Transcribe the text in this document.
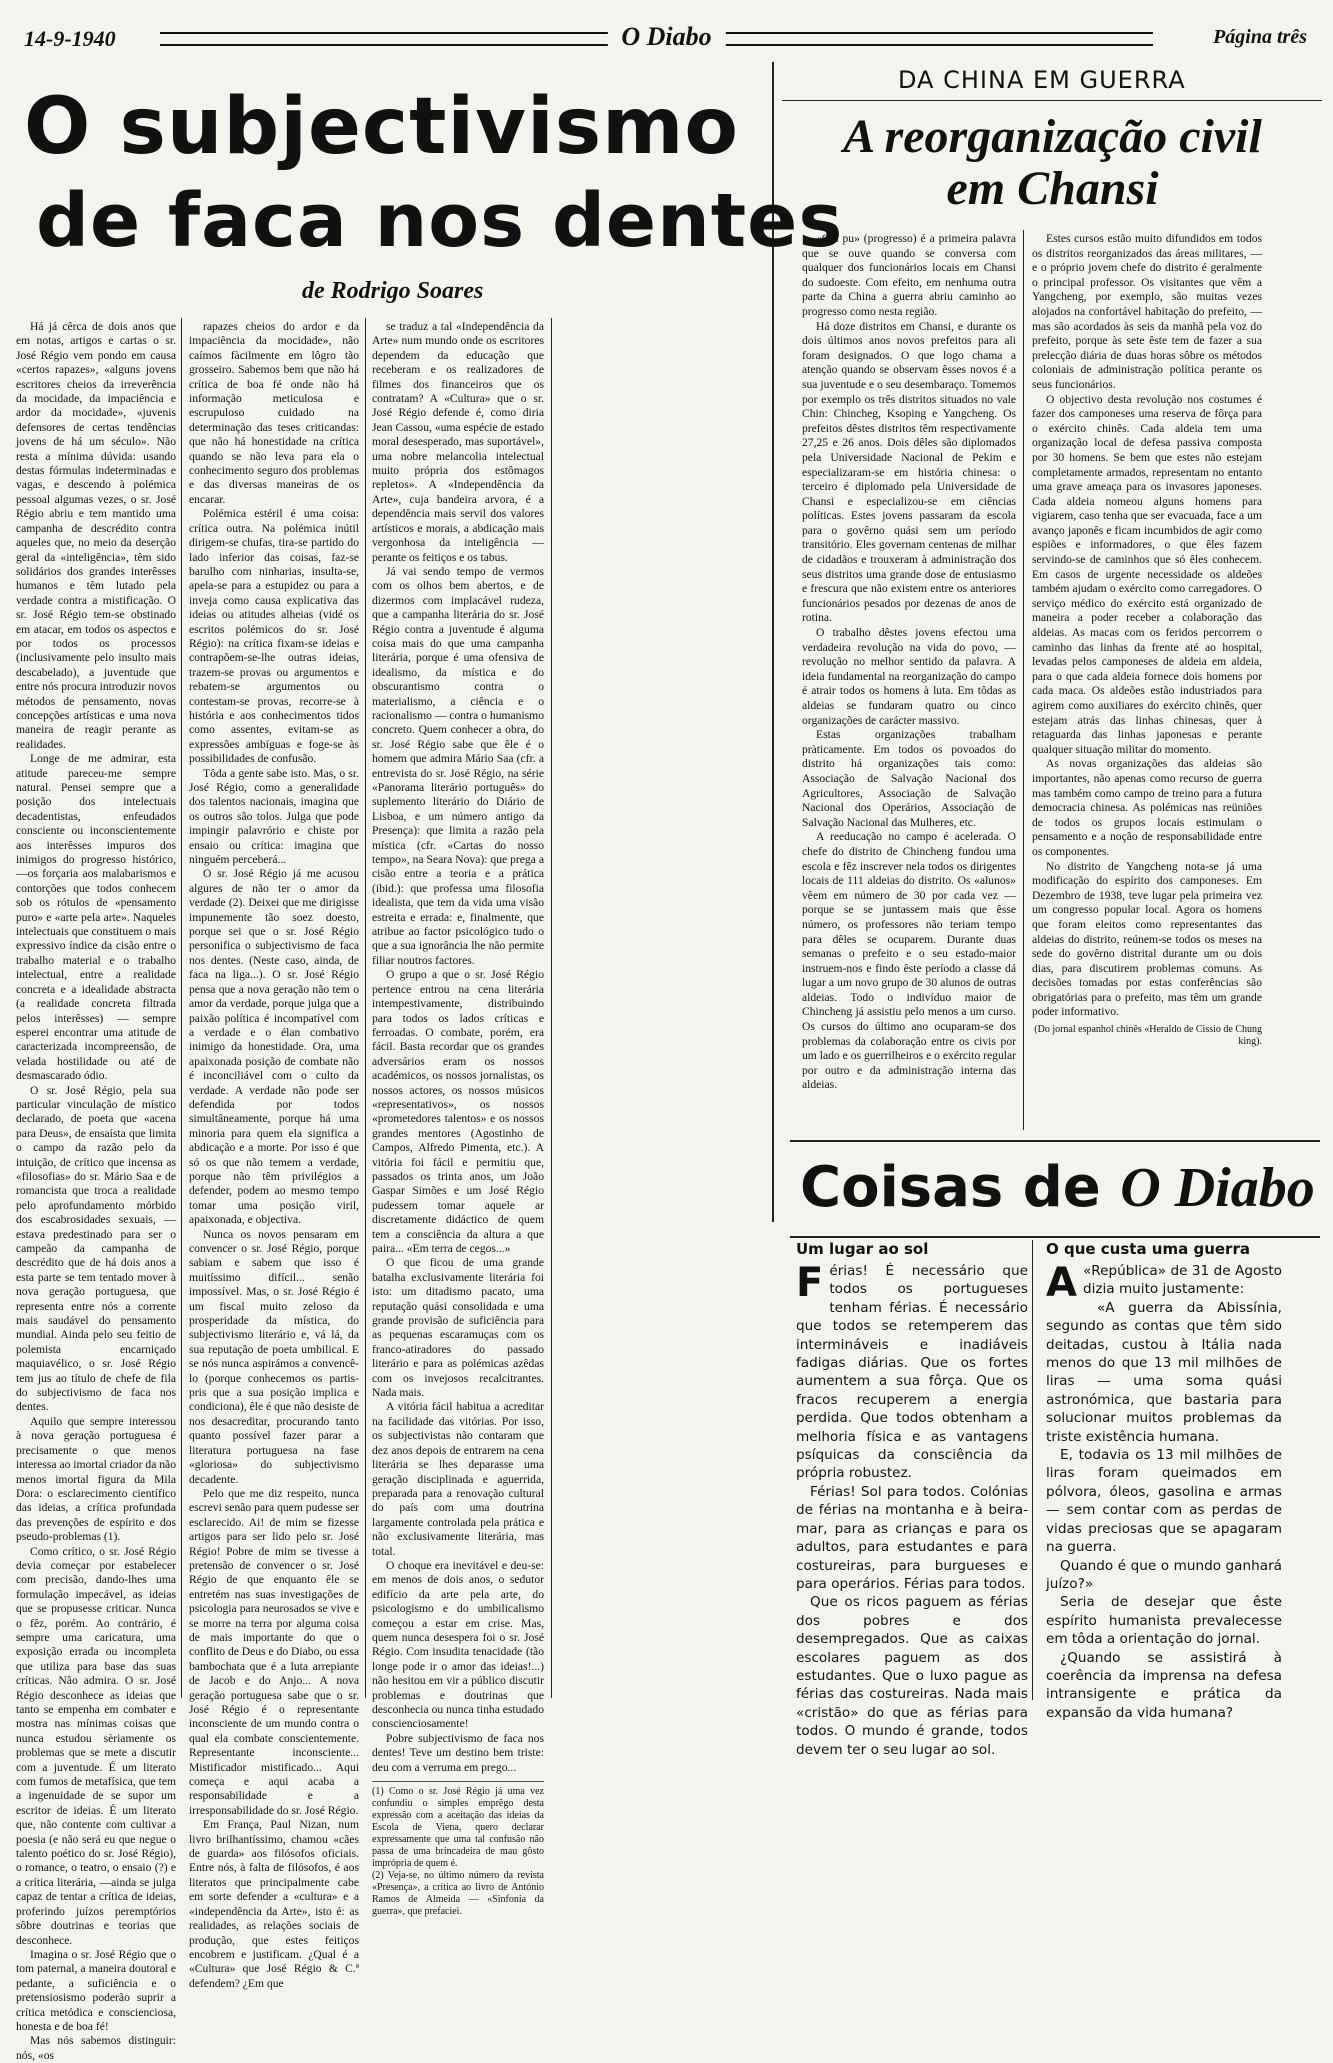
14-9-1940	O Diabo	Página três
O subjectivismo
de faca nos dentes
de Rodrigo Soares

Há já cêrca de dois anos que em notas, artigos e cartas o sr. José Régio vem pondo em causa «certos rapazes», «alguns jovens escritores cheios da irreverência da mocidade, da impaciência e ardor da mocidade», «juvenis defensores de certas tendências jovens de há um século». Não resta a mínima dúvida: usando destas fórmulas indeterminadas e vagas, e descendo à polémica pessoal algumas vezes, o sr. José Régio abriu e tem mantido uma campanha de descrédito contra aqueles que, no meio da deserção geral da «inteligência», têm sido solidários dos grandes interêsses humanos e têm lutado pela verdade contra a mistificação. O sr. José Régio tem-se obstinado em atacar, em todos os aspectos e por todos os processos (inclusivamente pelo insulto mais descabelado), a juventude que entre nós procura introduzir novos métodos de pensamento, novas concepções artísticas e uma nova maneira de reagir perante as realidades.

Longe de me admirar, esta atitude pareceu-me sempre natural. Pensei sempre que a posição dos intelectuais decadentistas, enfeudados consciente ou inconscientemente aos interêsses impuros dos inimigos do progresso histórico, —os forçaria aos malabarismos e contorções que todos conhecem sob os rótulos de «pensamento puro» e «arte pela arte». Naqueles intelectuais que constituem o mais expressivo índice da cisão entre o trabalho material e o trabalho intelectual, entre a realidade concreta e a idealidade abstracta (a realidade concreta filtrada pelos interêsses) — sempre esperei encontrar uma atitude de caracterizada incompreensão, de velada hostilidade ou até de desmascarado ódio.

O sr. José Régio, pela sua particular vinculação de místico declarado, de poeta que «acena para Deus», de ensaísta que limita o campo da razão pelo da intuição, de crítico que incensa as «filosofias» do sr. Mário Saa e de romancista que troca a realidade pelo aprofundamento mórbido dos escabrosidades sexuais, —estava predestinado para ser o campeão da campanha de descrédito que de há dois anos a esta parte se tem tentado mover à nova geração portuguesa, que representa entre nós a corrente mais saudável do pensamento mundial. Ainda pelo seu feitio de polemista encarniçado maquiavélico, o sr. José Régio tem jus ao título de chefe de fila do subjectivismo de faca nos dentes.

Aquilo que sempre interessou à nova geração portuguesa é precisamente o que menos interessa ao imortal criador da não menos imortal figura da Mila Dora: o esclarecimento científico das ideias, a crítica profundada das prevenções de espírito e dos pseudo-problemas (1).

Como crítico, o sr. José Régio devia começar por estabelecer com precisão, dando-lhes uma formulação impecável, as ideias que se propusesse criticar. Nunca o fêz, porém. Ao contrário, é sempre uma caricatura, uma exposição errada ou incompleta que utiliza para base das suas críticas. Não admira. O sr. José Régio desconhece as ideias que tanto se empenha em combater e mostra nas mínimas coisas que nunca estudou sèriamente os problemas que se mete a discutir com a juventude. É um literato com fumos de metafísica, que tem a ingenuidade de se supor um escritor de ideias. É um literato que, não contente com cultivar a poesia (e não será eu que negue o talento poético do sr. José Régio), o romance, o teatro, o ensaio (?) e a crítica literária, —ainda se julga capaz de tentar a crítica de ideias, proferindo juízos peremptórios sôbre doutrinas e teorias que desconhece.

Imagina o sr. José Régio que o tom paternal, a maneira doutoral e pedante, a suficiência e o pretensiosismo poderão suprir a crítica metódica e conscienciosa, honesta e de boa fé!

Mas nós sabemos distinguir: nós, «os

rapazes cheios do ardor e da impaciência da mocidade», não caímos fàcilmente em lôgro tão grosseiro. Sabemos bem que não há crítica de boa fé onde não há informação meticulosa e escrupuloso cuidado na determinação das teses criticandas: que não há honestidade na crítica quando se não leva para ela o conhecimento seguro dos problemas e das diversas maneiras de os encarar.

Polémica estéril é uma coisa: crítica outra. Na polémica inútil dirigem-se chufas, tira-se partido do lado inferior das coisas, faz-se barulho com ninharias, insulta-se, apela-se para a estupidez ou para a inveja como causa explicativa das ideias ou atitudes alheias (vidé os escritos polémicos do sr. José Régio): na crítica fixam-se ideias e contrapõem-se-lhe outras ideias, trazem-se provas ou argumentos e rebatem-se argumentos ou contestam-se provas, recorre-se à história e aos conhecimentos tidos como assentes, evitam-se as expressões ambíguas e foge-se às possibilidades de confusão.

Tôda a gente sabe isto. Mas, o sr. José Régio, como a generalidade dos talentos nacionais, imagina que os outros são tolos. Julga que pode impingir palavrório e chiste por ensaio ou crítica: imagina que ninguém perceberá...

O sr. José Régio já me acusou algures de não ter o amor da verdade (2). Deixei que me dirigisse impunemente tão soez doesto, porque sei que o sr. José Régio personifica o subjectivismo de faca nos dentes. (Neste caso, ainda, de faca na liga...). O sr. José Régio pensa que a nova geração não tem o amor da verdade, porque julga que a paixão política é incompatível com a verdade e o élan combativo inimigo da honestidade. Ora, uma apaixonada posição de combate não é inconciliável com o culto da verdade. A verdade não pode ser defendida por todos simultâneamente, porque há uma minoria para quem ela significa a abdicação e a morte. Por isso é que só os que não temem a verdade, porque não têm privilégios a defender, podem ao mesmo tempo tomar uma posição viril, apaixonada, e objectiva.

Nunca os novos pensaram em convencer o sr. José Régio, porque sabiam e sabem que isso é muitíssimo difícil... senão impossível. Mas, o sr. José Régio é um fiscal muito zeloso da prosperidade da mística, do subjectivismo literário e, vá lá, da sua reputação de poeta umbilical. E se nós nunca aspirámos a convencê-lo (porque conhecemos os partis-pris que a sua posição implica e condiciona), êle é que não desiste de nos desacreditar, procurando tanto quanto possível fazer parar a literatura portuguesa na fase «gloriosa» do subjectivismo decadente.

Pelo que me diz respeito, nunca escrevi senão para quem pudesse ser esclarecido. Ai! de mim se fizesse artigos para ser lido pelo sr. José Régio! Pobre de mim se tivesse a pretensão de convencer o sr. José Régio de que enquanto êle se entretém nas suas investigações de psicologia para neurosados se vive e se morre na terra por alguma coisa de mais importante do que o conflito de Deus e do Diabo, ou essa bambochata que é a luta arrepiante de Jacob e do Anjo... A nova geração portuguesa sabe que o sr. José Régio é o representante inconsciente de um mundo contra o qual ela combate conscientemente. Representante inconsciente... Mistificador mistificado... Aqui começa e aqui acaba a responsabilidade e a irresponsabilidade do sr. José Régio.

Em França, Paul Nizan, num livro brilhantíssimo, chamou «cães de guarda» aos filósofos oficiais. Entre nós, à falta de filósofos, é aos literatos que principalmente cabe em sorte defender a «cultura» e a «independência da Arte», isto é: as realidades, as relações sociais de produção, que estes feitiços encobrem e justificam. ¿Qual é a «Cultura» que José Régio & C.ª defendem? ¿Em que

se traduz a tal «Independência da Arte» num mundo onde os escritores dependem da educação que receberam e os realizadores de filmes dos financeiros que os contratam? A «Cultura» que o sr. José Régio defende é, como diria Jean Cassou, «uma espécie de estado moral desesperado, mas suportável», uma nobre melancolia intelectual muito própria dos estômagos repletos». A «Independência da Arte», cuja bandeira arvora, é a dependência mais servil dos valores artísticos e morais, a abdicação mais vergonhosa da inteligência — perante os feitiços e os tabus.

Já vai sendo tempo de vermos com os olhos bem abertos, e de dizermos com implacável rudeza, que a campanha literária do sr. José Régio contra a juventude é alguma coisa mais do que uma campanha literária, porque é uma ofensiva de idealismo, da mística e do obscurantismo contra o materialismo, a ciência e o racionalismo — contra o humanismo concreto. Quem conhecer a obra, do sr. José Régio sabe que êle é o homem que admira Mário Saa (cfr. a entrevista do sr. José Régio, na série «Panorama literário português» do suplemento literário do Diário de Lisboa, e um número antigo da Presença): que limita a razão pela mística (cfr. «Cartas do nosso tempo», na Seara Nova): que prega a cisão entre a teoria e a prática (ibid.): que professa uma filosofia idealista, que tem da vida uma visão estreita e errada: e, finalmente, que atribue ao factor psicológico tudo o que a sua ignorância lhe não permite filiar noutros factores.

O grupo a que o sr. José Régio pertence entrou na cena literária intempestivamente, distribuindo para todos os lados críticas e ferroadas. O combate, porém, era fácil. Basta recordar que os grandes adversários eram os nossos académicos, os nossos jornalistas, os nossos actores, os nossos músicos «representativos», os nossos «prometedores talentos» e os nossos grandes mentores (Agostinho de Campos, Alfredo Pimenta, etc.). A vitória foi fácil e permitiu que, passados os trinta anos, um João Gaspar Simões e um José Régio pudessem tomar aquele ar discretamente didáctico de quem tem a consciência da altura a que paira... «Em terra de cegos...»

O que ficou de uma grande batalha exclusivamente literária foi isto: um ditadismo pacato, uma reputação quási consolidada e uma grande provisão de suficiência para as pequenas escaramuças com os franco-atiradores do passado literário e para as polémicas azêdas com os invejosos recalcitrantes. Nada mais.

A vitória fácil habitua a acreditar na facilidade das vitórias. Por isso, os subjectivistas não contaram que dez anos depois de entrarem na cena literária se lhes deparasse uma geração disciplinada e aguerrida, preparada para a renovação cultural do país com uma doutrina largamente controlada pela prática e não exclusivamente literária, mas total.

O choque era inevitável e deu-se: em menos de dois anos, o sedutor edifício da arte pela arte, do psicologismo e do umbilicalismo começou a estar em crise. Mas, quem nunca desespera foi o sr. José Régio. Com insudita tenacidade (tão longe pode ir o amor das ideias!...) não hesitou em vir a público discutir problemas e doutrinas que desconhecia ou nunca tinha estudado conscienciosamente!

Pobre subjectivismo de faca nos dentes! Teve um destino bem triste: deu com a verruma em prego...

(1) Como o sr. José Régio já uma vez confundiu o simples emprêgo desta expressão com a aceitação das ideias da Escola de Viena, quero declarar expressamente que uma tal confusão não passa de uma brincadeira de mau gôsto imprópria de quem é.
(2) Veja-se, no último número da revista «Presença», a crítica ao livro de António Ramos de Almeida — «Sinfonia da guerra», que prefaciei.
DA CHINA EM GUERRA
A reorganização civil
em Chansi

«Cin pu» (progresso) é a primeira palavra que se ouve quando se conversa com qualquer dos funcionários locais em Chansi do sudoeste. Com efeito, em nenhuma outra parte da China a guerra abriu caminho ao progresso como nesta região.

Há doze distritos em Chansi, e durante os dois últimos anos novos prefeitos para ali foram designados. O que logo chama a atenção quando se observam êsses novos é a sua juventude e o seu desembaraço. Tomemos por exemplo os três distritos situados no vale Chin: Chincheg, Ksoping e Yangcheng. Os prefeitos dêstes distritos têm respectivamente 27,25 e 26 anos. Dois dêles são diplomados pela Universidade Nacional de Pekim e especializaram-se em história chinesa: o terceiro é diplomado pela Universidade de Chansi e especializou-se em ciências políticas. Estes jovens passaram da escola para o govêrno quási sem um período transitório. Eles governam centenas de milhar de cidadãos e trouxeram à administração dos seus distritos uma grande dose de entusiasmo e frescura que não existem entre os anteriores funcionários pesados por dezenas de anos de rotina.

O trabalho dêstes jovens efectou uma verdadeira revolução na vida do povo, — revolução no melhor sentido da palavra. A ideia fundamental na reorganização do campo é atrair todos os homens à luta. Em tôdas as aldeias se fundaram quatro ou cinco organizações de carácter massivo.

Estas organizações trabalham pràticamente. Em todos os povoados do distrito há organizações tais como: Associação de Salvação Nacional dos Agricultores, Associação de Salvação Nacional dos Operários, Associação de Salvação Nacional das Mulheres, etc.

A reeducação no campo é acelerada. O chefe do distrito de Chincheng fundou uma escola e fêz inscrever nela todos os dirigentes locais de 111 aldeias do distrito. Os «alunos» vêem em número de 30 por cada vez — porque se se juntassem mais que êsse número, os professores não teriam tempo para dêles se ocuparem. Durante duas semanas o prefeito e o seu estado-maior instruem-nos e findo êste período a classe dá lugar a um novo grupo de 30 alunos de outras aldeias. Todo o indivíduo maior de Chincheng já assistiu pelo menos a um curso. Os cursos do último ano ocuparam-se dos problemas da colaboração entre os civis por um lado e os guerrilheiros e o exército regular por outro e da administração interna das aldeias.

Estes cursos estão muito difundidos em todos os distritos reorganizados das áreas militares, — e o próprio jovem chefe do distrito é geralmente o principal professor. Os visitantes que vêm a Yangcheng, por exemplo, são muitas vezes alojados na confortável habitação do prefeito, — mas são acordados às seis da manhã pela voz do prefeito, porque às sete êste tem de fazer a sua prelecção diária de duas horas sôbre os métodos coloniais de administração política perante os seus funcionários.

O objectivo desta revolução nos costumes é fazer dos camponeses uma reserva de fôrça para o exército chinês. Cada aldeia tem uma organização local de defesa passiva composta por 30 homens. Se bem que estes não estejam completamente armados, representam no entanto uma grave ameaça para os invasores japoneses. Cada aldeia nomeou alguns homens para vigiarem, caso tenha que ser evacuada, face a um avanço japonês e ficam incumbidos de agir como espiões e informadores, o que êles fazem servindo-se de caminhos que só êles conhecem. Em casos de urgente necessidade os aldeões também ajudam o exército como carregadores. O serviço médico do exército está organizado de maneira a poder receber a colaboração das aldeias. As macas com os feridos percorrem o caminho das linhas da frente até ao hospital, levadas pelos camponeses de aldeia em aldeia, para o que cada aldeia fornece dois homens por cada maca. Os aldeões estão industriados para agirem como auxiliares do exército chinês, quer estejam atrás das linhas chinesas, quer à retaguarda das linhas japonesas e perante qualquer situação militar do momento.

As novas organizações das aldeias são importantes, não apenas como recurso de guerra mas também como campo de treino para a futura democracia chinesa. As polémicas nas reüniões de todos os grupos locais estimulam o pensamento e a noção de responsabilidade entre os componentes.

No distrito de Yangcheng nota-se já uma modificação do espírito dos camponeses. Em Dezembro de 1938, teve lugar pela primeira vez um congresso popular local. Agora os homens que foram eleitos como representantes das aldeias do distrito, reúnem-se todos os meses na sede do govêrno distrital durante um ou dois dias, para discutirem problemas comuns. As decisões tomadas por estas conferências são obrigatórias para o prefeito, mas têm um grande poder informativo.

(Do jornal espanhol chinês «Heraldo de Cissio de Chung king).
Coisas de O Diabo
Um lugar ao sol

Férias! É necessário que todos os portugueses tenham férias. É necessário que todos se retemperem das intermináveis e inadiáveis fadigas diárias. Que os fortes aumentem a sua fôrça. Que os fracos recuperem a energia perdida. Que todos obtenham a melhoria física e as vantagens psíquicas da consciência da própria robustez.

Férias! Sol para todos. Colónias de férias na montanha e à beira-mar, para as crianças e para os adultos, para estudantes e para costureiras, para burgueses e para operários. Férias para todos.

Que os ricos paguem as férias dos pobres e dos desempregados. Que as caixas escolares paguem as dos estudantes. Que o luxo pague as férias das costureiras. Nada mais «cristão» do que as férias para todos. O mundo é grande, todos devem ter o seu lugar ao sol.

O que custa uma guerra

A «República» de 31 de Agosto dizia muito justamente:

«A guerra da Abissínia, segundo as contas que têm sido deitadas, custou à Itália nada menos do que 13 mil milhões de liras — uma soma quási astronómica, que bastaria para solucionar muitos problemas da triste existência humana.

E, todavia os 13 mil milhões de liras foram queimados em pólvora, óleos, gasolina e armas — sem contar com as perdas de vidas preciosas que se apagaram na guerra.

Quando é que o mundo ganhará juízo?»

Seria de desejar que êste espírito humanista prevalecesse em tôda a orientação do jornal.

¿Quando se assistirá à coerência da imprensa na defesa intransigente e prática da expansão da vida humana?
